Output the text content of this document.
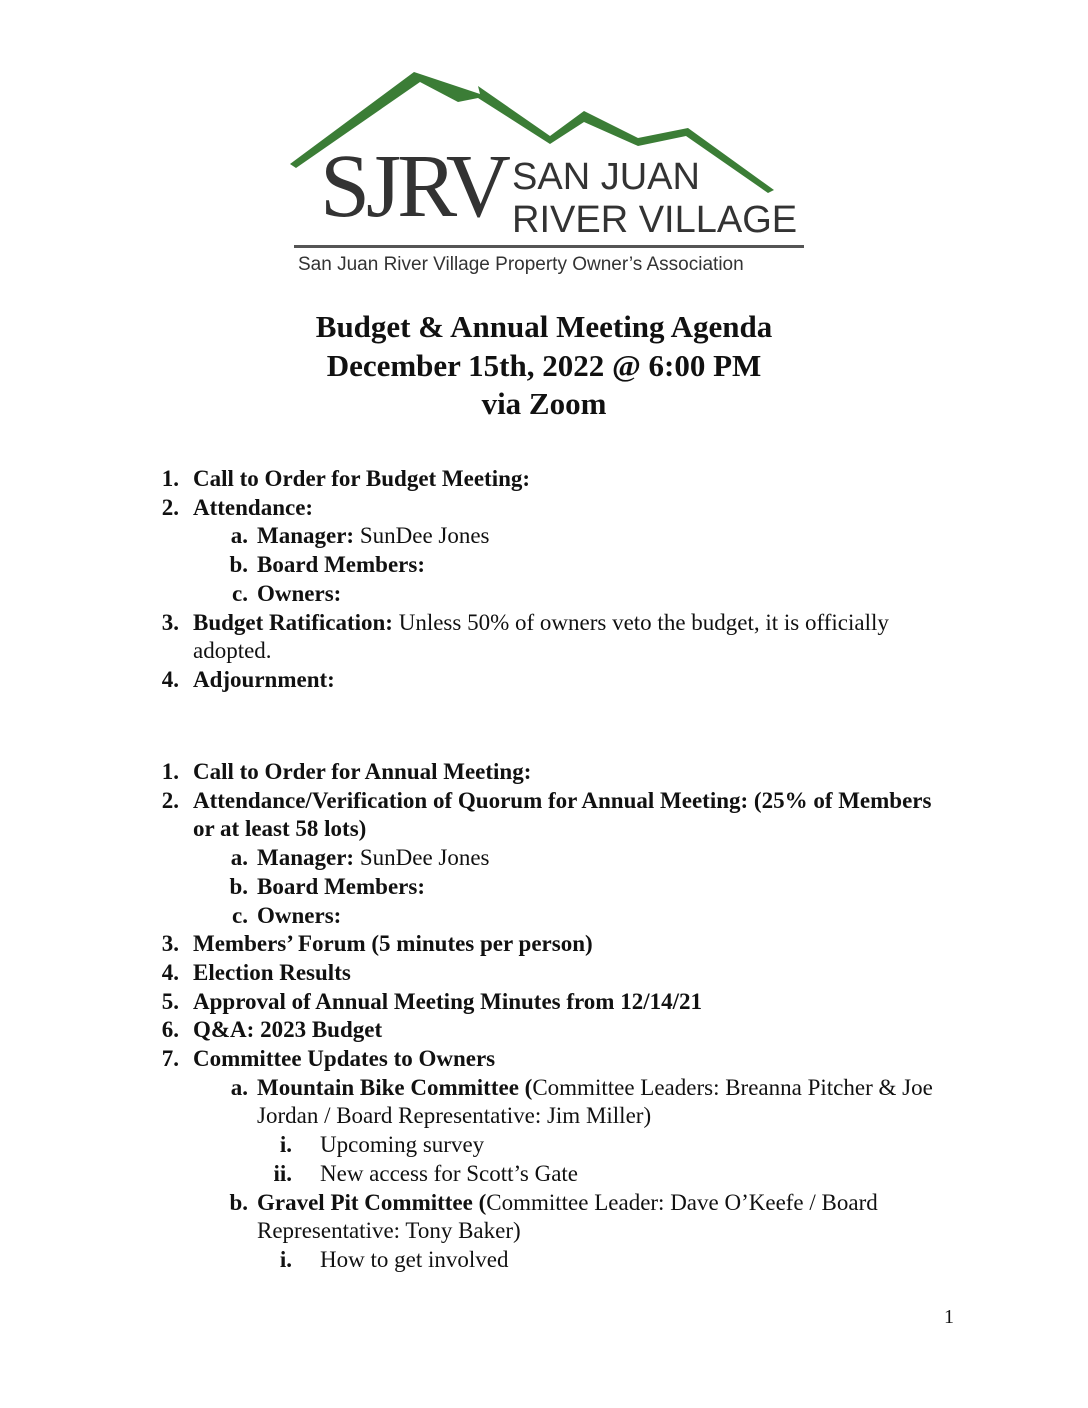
SJRV SAN JUAN
RIVER VILLAGE
San Juan River Village Property Owner’s Association
Budget & Annual Meeting Agenda
December 15th, 2022 @ 6:00 PM
via Zoom
1. Call to Order for Budget Meeting:
2. Attendance:
a. Manager: SunDee Jones
b. Board Members:
c. Owners:
3. Budget Ratification: Unless 50% of owners veto the budget, it is officially adopted.
4. Adjournment:
1. Call to Order for Annual Meeting:
2. Attendance/Verification of Quorum for Annual Meeting: (25% of Members or at least 58 lots)
a. Manager: SunDee Jones
b. Board Members:
c. Owners:
3. Members’ Forum (5 minutes per person)
4. Election Results
5. Approval of Annual Meeting Minutes from 12/14/21
6. Q&A: 2023 Budget
7. Committee Updates to Owners
a. Mountain Bike Committee (Committee Leaders: Breanna Pitcher & Joe Jordan / Board Representative: Jim Miller)
i. Upcoming survey
ii. New access for Scott’s Gate
b. Gravel Pit Committee (Committee Leader: Dave O’Keefe / Board Representative: Tony Baker)
i. How to get involved
1
